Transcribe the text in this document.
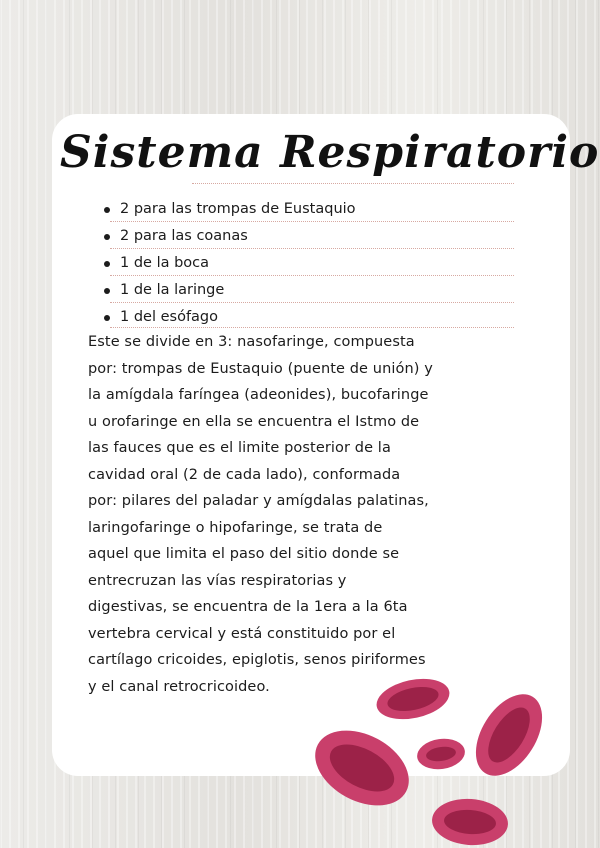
Sistema Respiratorio
2 para las trompas de Eustaquio
2 para las coanas
1 de la boca
1 de la laringe
1 del esófago
Este se divide en 3: nasofaringe, compuesta
por: trompas de Eustaquio (puente de unión) y
la amígdala faríngea (adeonides), bucofaringe
u orofaringe en ella se encuentra el Istmo de
las fauces que es el limite posterior de la
cavidad oral (2 de cada lado), conformada
por: pilares del paladar y amígdalas palatinas,
laringofaringe o hipofaringe, se trata de
aquel que limita el paso del sitio donde se
entrecruzan las vías respiratorias y
digestivas, se encuentra de la 1era a la 6ta
vertebra cervical y está constituido por el
cartílago cricoides, epiglotis, senos piriformes
y el canal retrocricoideo.
